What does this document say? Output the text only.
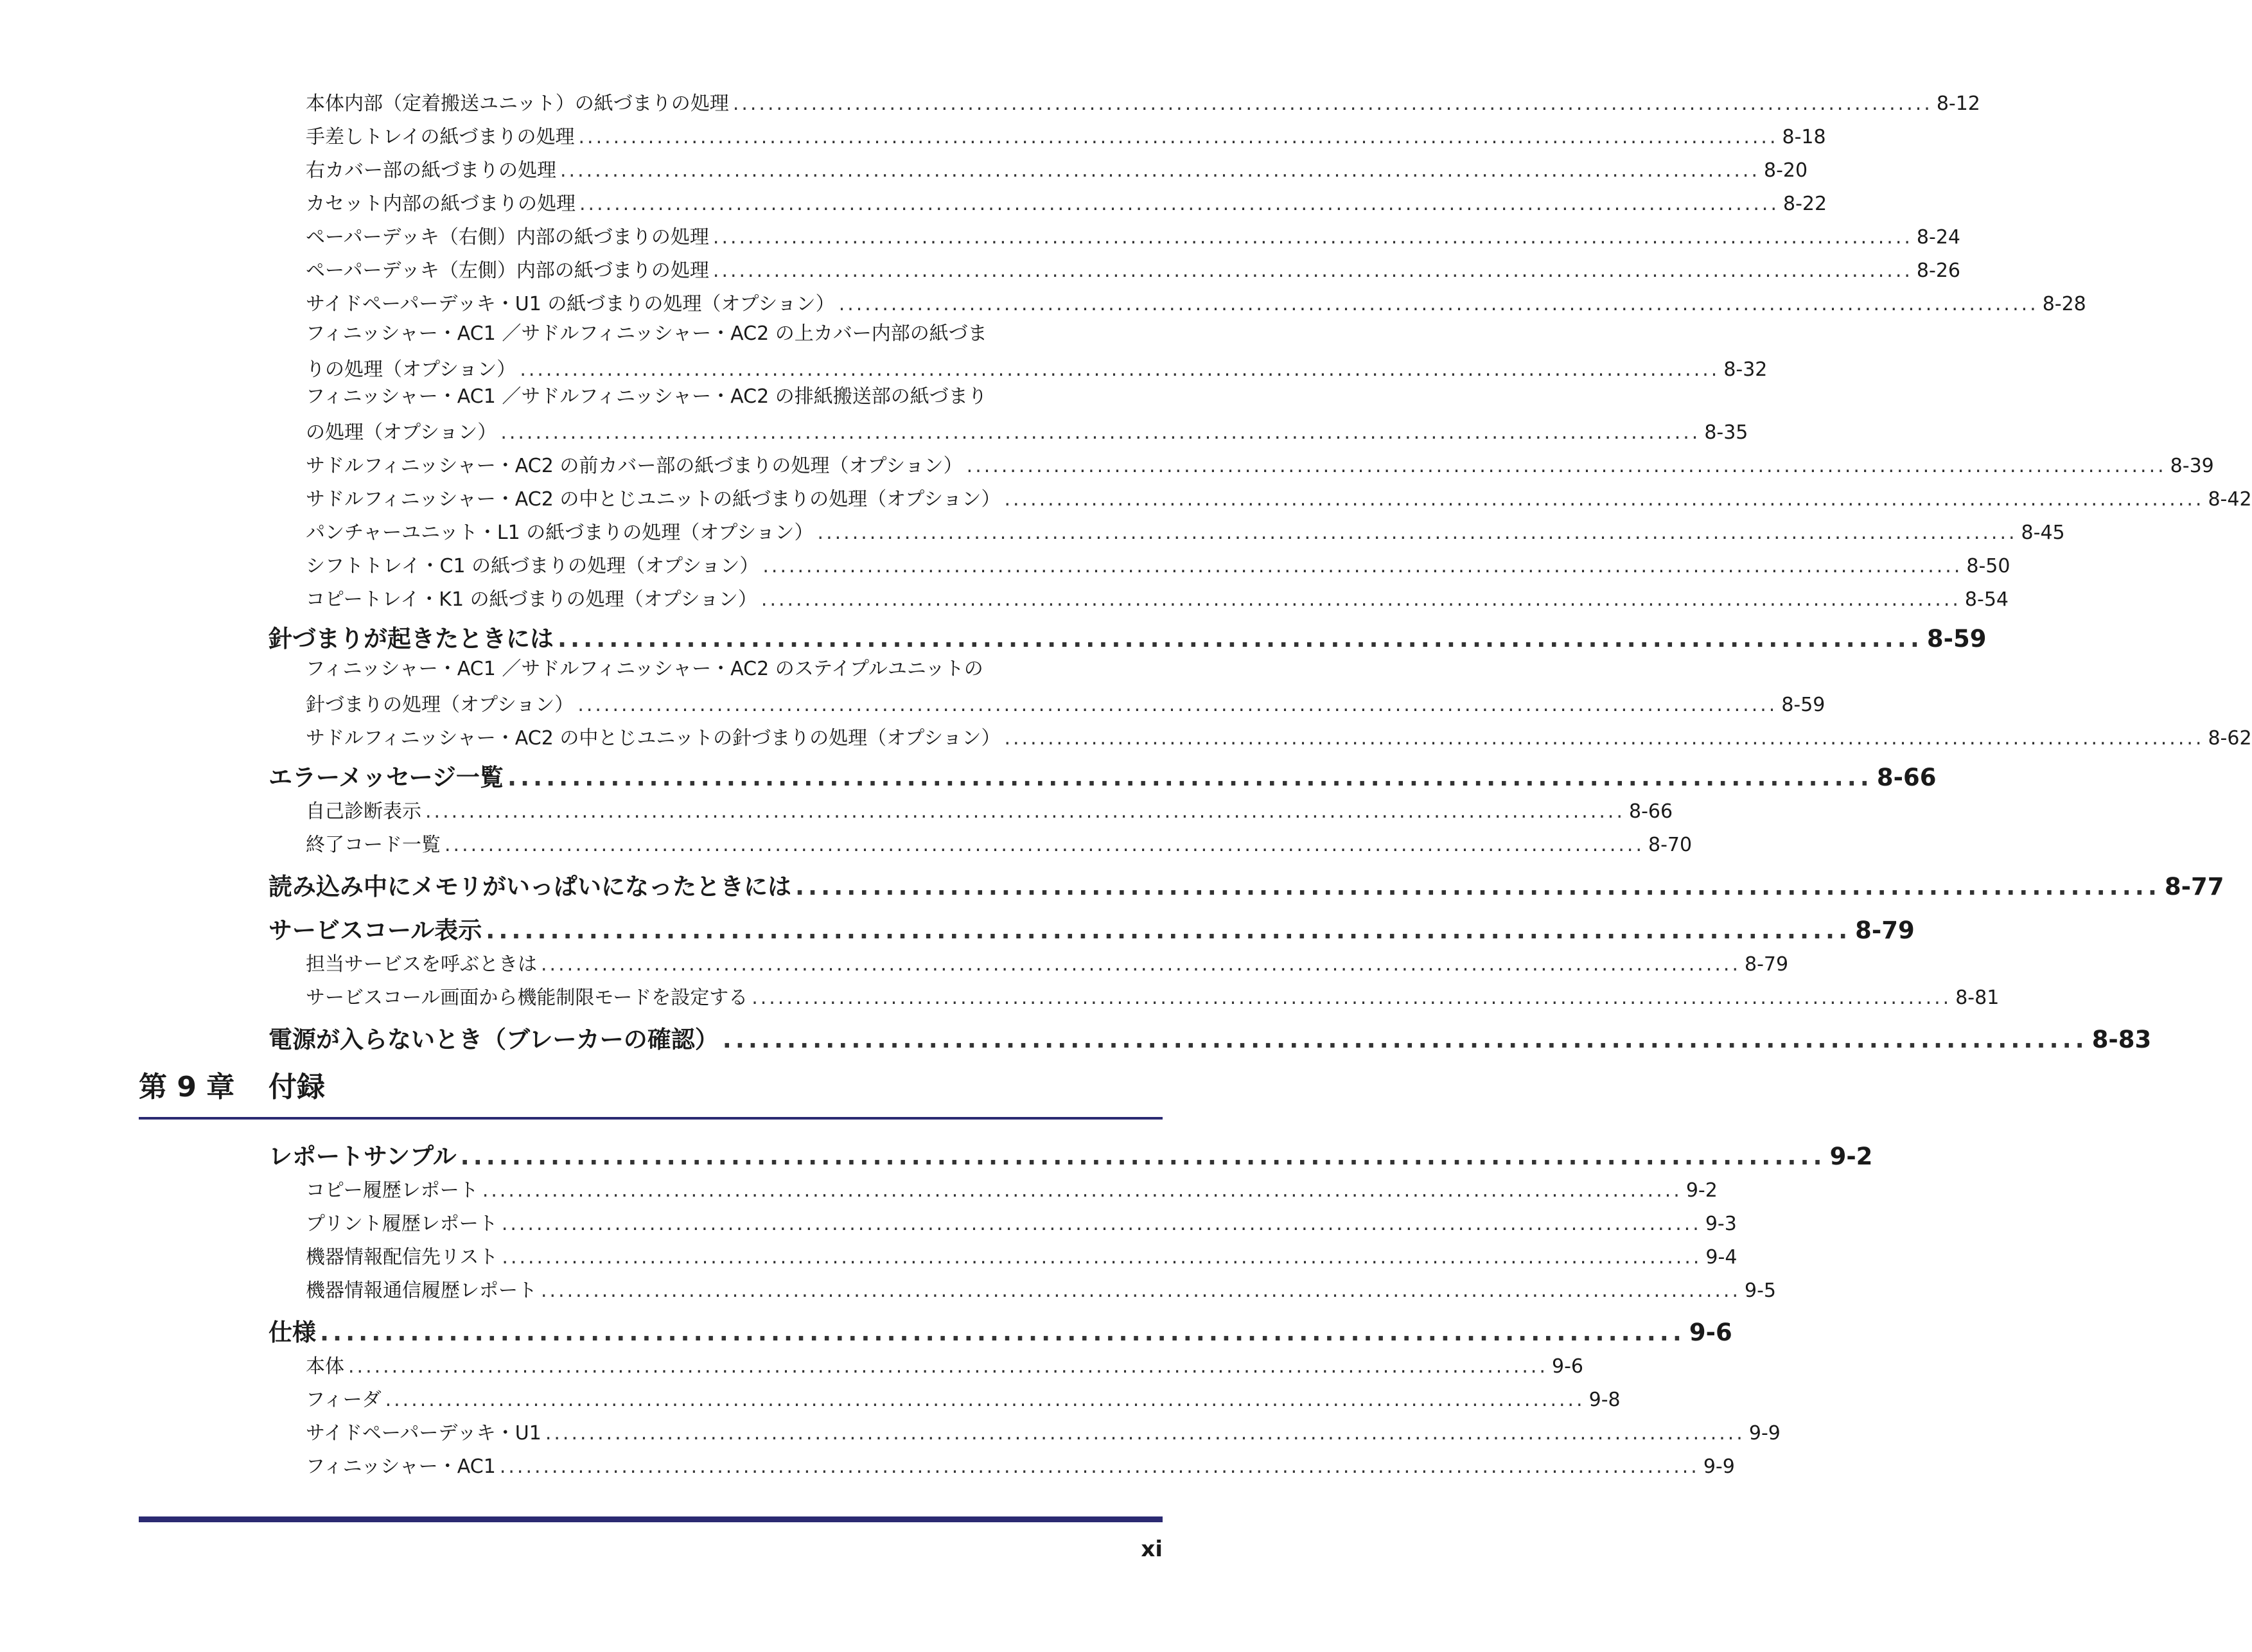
本体内部（定着搬送ユニット）の紙づまりの処理 .......................................................................................................................................... 8-12
手差しトレイの紙づまりの処理 .......................................................................................................................................... 8-18
右カバー部の紙づまりの処理 .......................................................................................................................................... 8-20
カセット内部の紙づまりの処理 .......................................................................................................................................... 8-22
ペーパーデッキ（右側）内部の紙づまりの処理 .......................................................................................................................................... 8-24
ペーパーデッキ（左側）内部の紙づまりの処理 .......................................................................................................................................... 8-26
サイドペーパーデッキ・U1 の紙づまりの処理（オプション） .......................................................................................................................................... 8-28
フィニッシャー・AC1 ／サドルフィニッシャー・AC2 の上カバー内部の紙づま
りの処理（オプション） .......................................................................................................................................... 8-32
フィニッシャー・AC1 ／サドルフィニッシャー・AC2 の排紙搬送部の紙づまり
の処理（オプション） .......................................................................................................................................... 8-35
サドルフィニッシャー・AC2 の前カバー部の紙づまりの処理（オプション） .......................................................................................................................................... 8-39
サドルフィニッシャー・AC2 の中とじユニットの紙づまりの処理（オプション） .......................................................................................................................................... 8-42
パンチャーユニット・L1 の紙づまりの処理（オプション） .......................................................................................................................................... 8-45
シフトトレイ・C1 の紙づまりの処理（オプション） .......................................................................................................................................... 8-50
コピートレイ・K1 の紙づまりの処理（オプション） .......................................................................................................................................... 8-54
針づまりが起きたときには .......................................................................................................... 8-59
フィニッシャー・AC1 ／サドルフィニッシャー・AC2 のステイプルユニットの
針づまりの処理（オプション） .......................................................................................................................................... 8-59
サドルフィニッシャー・AC2 の中とじユニットの針づまりの処理（オプション） .......................................................................................................................................... 8-62
エラーメッセージ一覧 .......................................................................................................... 8-66
自己診断表示 .......................................................................................................................................... 8-66
終了コード一覧 .......................................................................................................................................... 8-70
読み込み中にメモリがいっぱいになったときには .......................................................................................................... 8-77
サービスコール表示 .......................................................................................................... 8-79
担当サービスを呼ぶときは .......................................................................................................................................... 8-79
サービスコール画面から機能制限モードを設定する .......................................................................................................................................... 8-81
電源が入らないとき（ブレーカーの確認） .......................................................................................................... 8-83
第 9 章 付録
レポートサンプル .......................................................................................................... 9-2
コピー履歴レポート .......................................................................................................................................... 9-2
プリント履歴レポート .......................................................................................................................................... 9-3
機器情報配信先リスト .......................................................................................................................................... 9-4
機器情報通信履歴レポート .......................................................................................................................................... 9-5
仕様 .......................................................................................................... 9-6
本体 .......................................................................................................................................... 9-6
フィーダ .......................................................................................................................................... 9-8
サイドペーパーデッキ・U1 .......................................................................................................................................... 9-9
フィニッシャー・AC1 .......................................................................................................................................... 9-9
xi
